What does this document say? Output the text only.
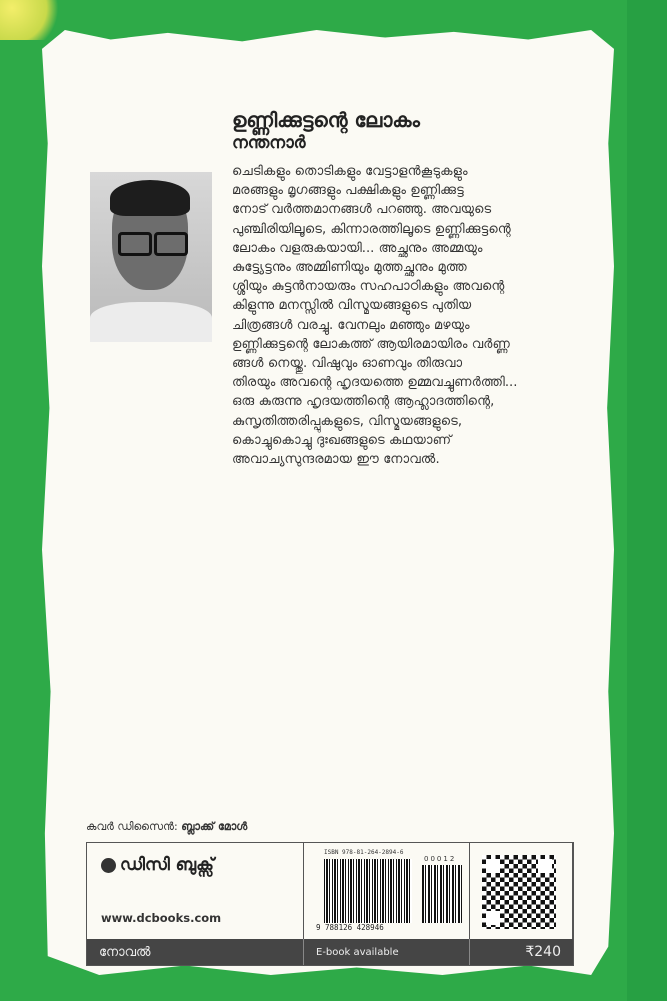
ഉണ്ണിക്കുട്ടന്റെ ലോകം
നന്തനാർ
ചെടികളും തൊടികളും വേട്ടാളൻകൂടുകളും
മരങ്ങളും മൃഗങ്ങളും പക്ഷികളും ഉണ്ണിക്കുട്ട
നോട് വർത്തമാനങ്ങൾ പറഞ്ഞു. അവയുടെ
പുഞ്ചിരിയിലൂടെ, കിന്നാരത്തിലൂടെ ഉണ്ണിക്കുട്ടന്റെ
ലോകം വളരുകയായി... അച്ഛനും അമ്മയും
കുട്ട്യേട്ടനും അമ്മിണിയും മുത്തച്ഛനും മുത്ത
ശ്ശിയും കുട്ടൻനായരും സഹപാഠികളും അവന്റെ
കിളുന്നു മനസ്സിൽ വിസ്മയങ്ങളുടെ പുതിയ
ചിത്രങ്ങൾ വരച്ചു. വേനലും മഞ്ഞും മഴയും
ഉണ്ണിക്കുട്ടന്റെ ലോകത്ത് ആയിരമായിരം വർണ്ണ
ങ്ങൾ നെയ്തു. വിഷുവും ഓണവും തിരുവാ
തിരയും അവന്റെ ഹൃദയത്തെ ഉമ്മവച്ചുണർത്തി...
ഒരു കുരുന്നു ഹൃദയത്തിന്റെ ആഹ്ലാദത്തിന്റെ,
കുസൃതിത്തരിപ്പുകളുടെ, വിസ്മയങ്ങളുടെ,
കൊച്ചുകൊച്ചു ദുഃഖങ്ങളുടെ കഥയാണ്
അവാച്യസുന്ദരമായ ഈ നോവൽ.
കവർ ഡിസൈൻ: ബ്ലാക്ക് മോൾ
ഡിസി ബുക്സ്
www.dcbooks.com
ISBN 978-81-264-2894-6
00012
9 788126 428946
നോവൽ	E-book available	₹240
